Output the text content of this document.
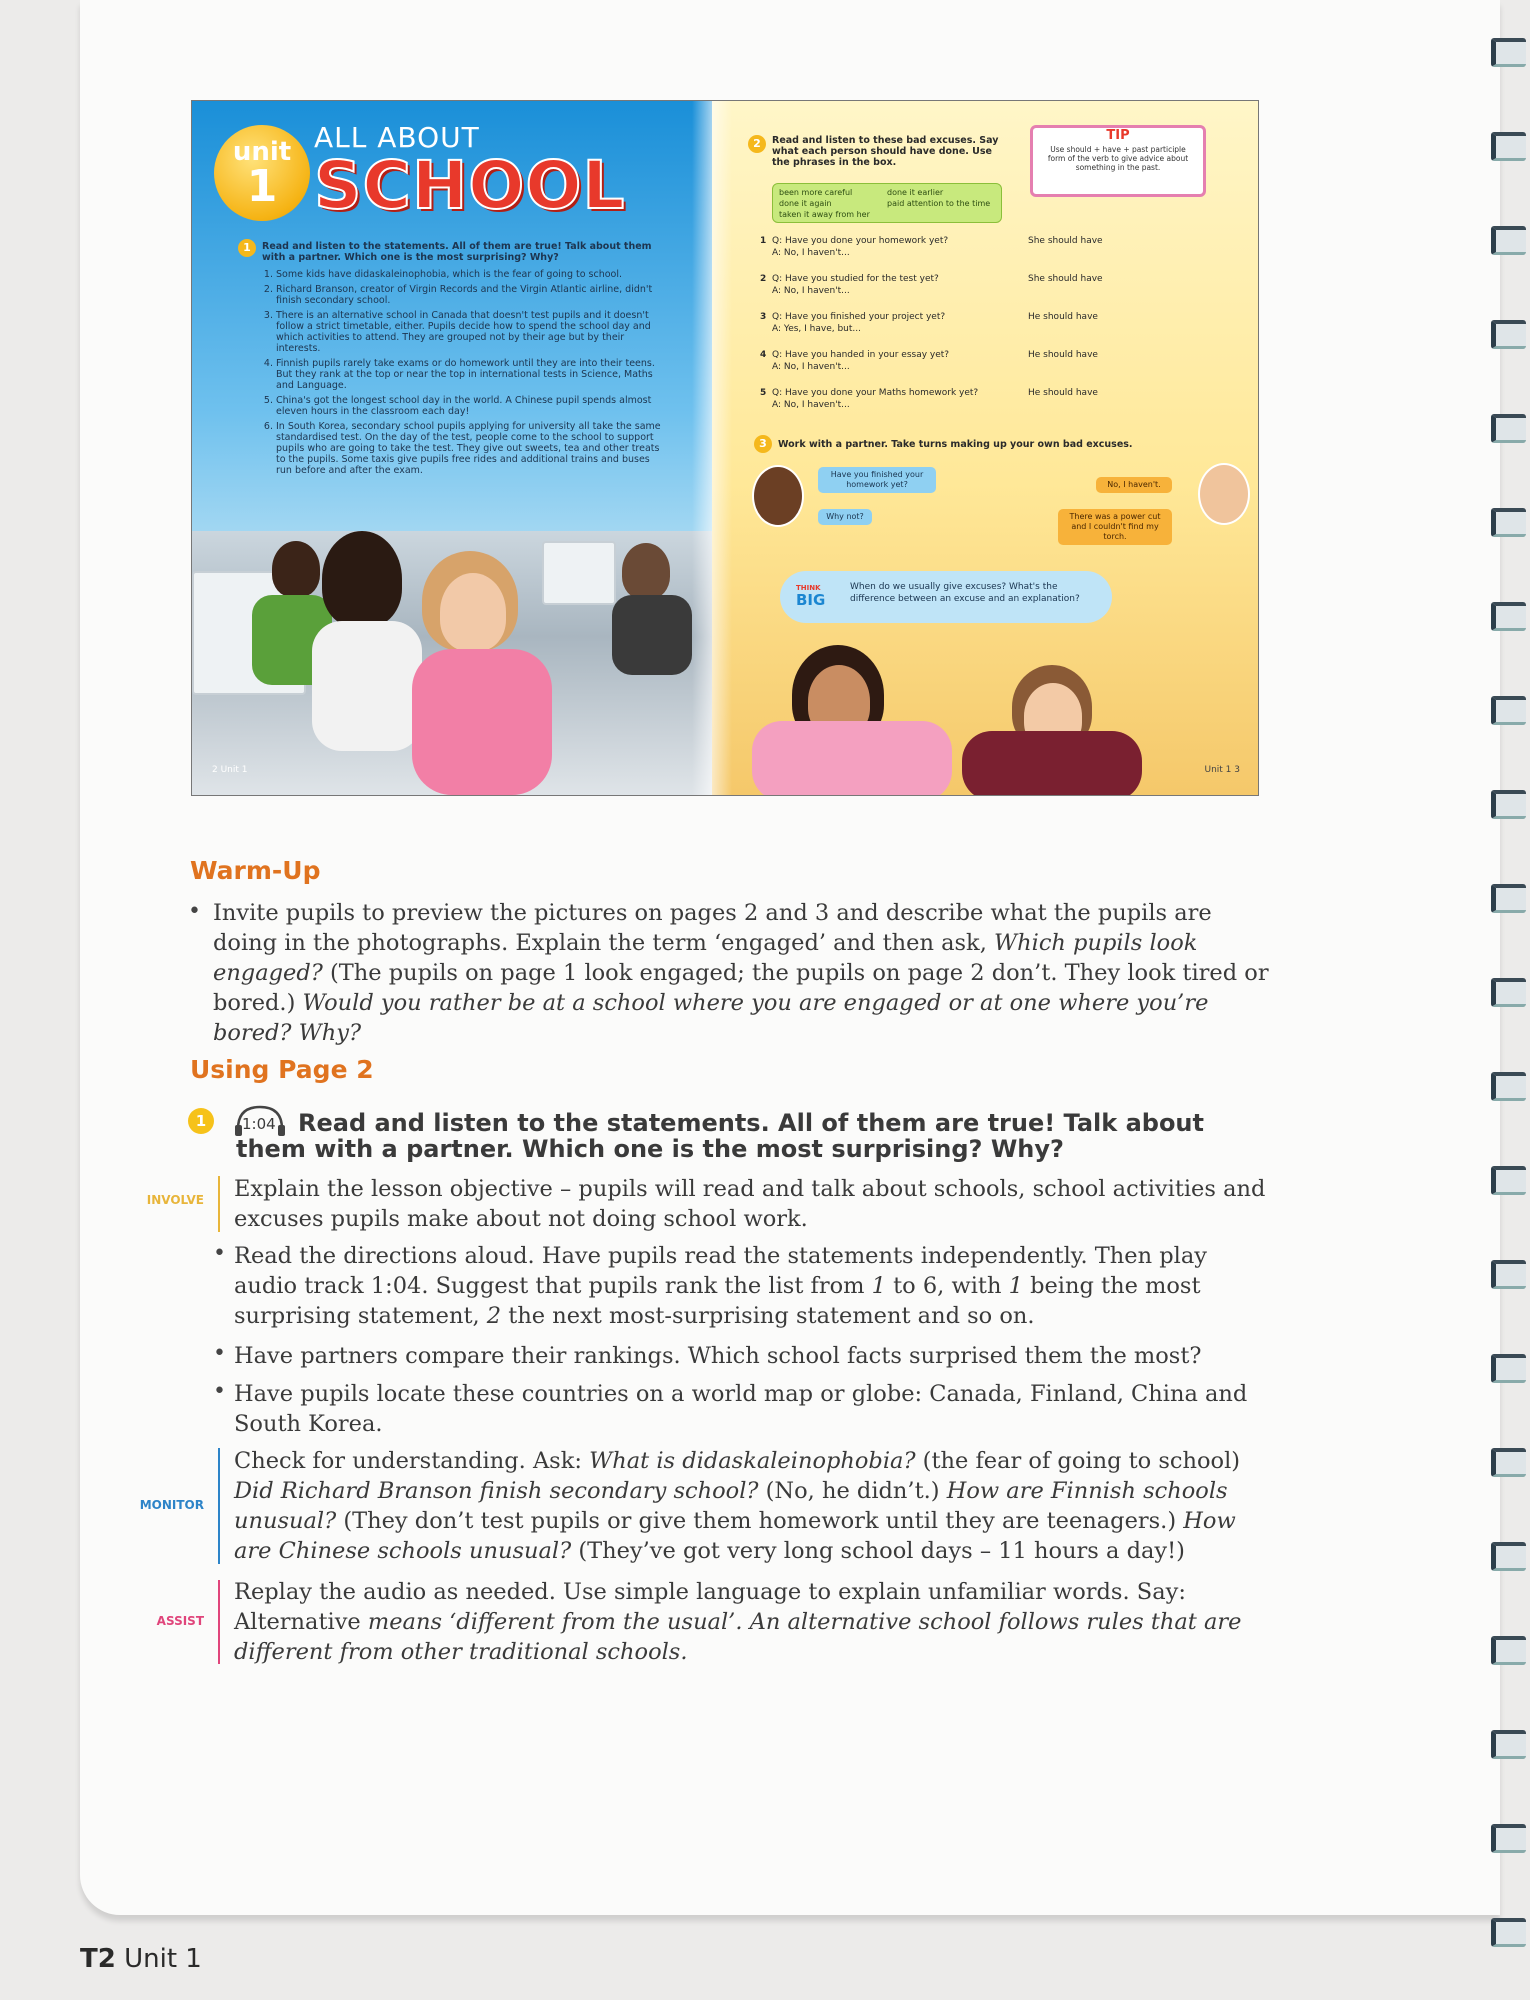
unit
1
ALL ABOUT
SCHOOL
1	Read and listen to the statements. All of them are true! Talk about them with a partner. Which one is the most surprising? Why?
1. Some kids have didaskaleinophobia, which is the fear of going to school.
2. Richard Branson, creator of Virgin Records and the Virgin Atlantic airline, didn't finish secondary school.
3. There is an alternative school in Canada that doesn't test pupils and it doesn't follow a strict timetable, either. Pupils decide how to spend the school day and which activities to attend. They are grouped not by their age but by their interests.
4. Finnish pupils rarely take exams or do homework until they are into their teens. But they rank at the top or near the top in international tests in Science, Maths and Language.
5. China's got the longest school day in the world. A Chinese pupil spends almost eleven hours in the classroom each day!
6. In South Korea, secondary school pupils applying for university all take the same standardised test. On the day of the test, people come to the school to support pupils who are going to take the test. They give out sweets, tea and other treats to the pupils. Some taxis give pupils free rides and additional trains and buses run before and after the exam.
2 Unit 1
2	Read and listen to these bad excuses. Say what each person should have done. Use the phrases in the box.
TIP
Use should + have + past participle form of the verb to give advice about something in the past.
been more careful	done it earlier
done it again	paid attention to the time
taken it away from her
1 Q: Have you done your homework yet?
A: No, I haven't...
She should have
2 Q: Have you studied for the test yet?
A: No, I haven't...
She should have
3 Q: Have you finished your project yet?
A: Yes, I have, but...
He should have
4 Q: Have you handed in your essay yet?
A: No, I haven't...
He should have
5 Q: Have you done your Maths homework yet?
A: No, I haven't...
He should have
3 Work with a partner. Take turns making up your own bad excuses.
Have you finished your homework yet?
Why not?
No, I haven't.
There was a power cut and I couldn't find my torch.
THINK
BIG
When do we usually give excuses? What's the difference between an excuse and an explanation?
Unit 1 3
Warm-Up
• Invite pupils to preview the pictures on pages 2 and 3 and describe what the pupils are doing in the photographs. Explain the term ‘engaged’ and then ask, Which pupils look engaged? (The pupils on page 1 look engaged; the pupils on page 2 don’t. They look tired or bored.) Would you rather be at a school where you are engaged or at one where you’re bored? Why?
Using Page 2
1	1:04 Read and listen to the statements. All of them are true! Talk about them with a partner. Which one is the most surprising? Why?
INVOLVE Explain the lesson objective – pupils will read and talk about schools, school activities and excuses pupils make about not doing school work.
• Read the directions aloud. Have pupils read the statements independently. Then play audio track 1:04. Suggest that pupils rank the list from 1 to 6, with 1 being the most surprising statement, 2 the next most-surprising statement and so on.
• Have partners compare their rankings. Which school facts surprised them the most?
• Have pupils locate these countries on a world map or globe: Canada, Finland, China and South Korea.
MONITOR
Check for understanding. Ask: What is didaskaleinophobia? (the fear of going to school) Did Richard Branson finish secondary school? (No, he didn’t.) How are Finnish schools unusual? (They don’t test pupils or give them homework until they are teenagers.) How are Chinese schools unusual? (They’ve got very long school days – 11 hours a day!)
ASSIST
Replay the audio as needed. Use simple language to explain unfamiliar words. Say: Alternative means ‘different from the usual’. An alternative school follows rules that are different from other traditional schools.
T2 Unit 1
